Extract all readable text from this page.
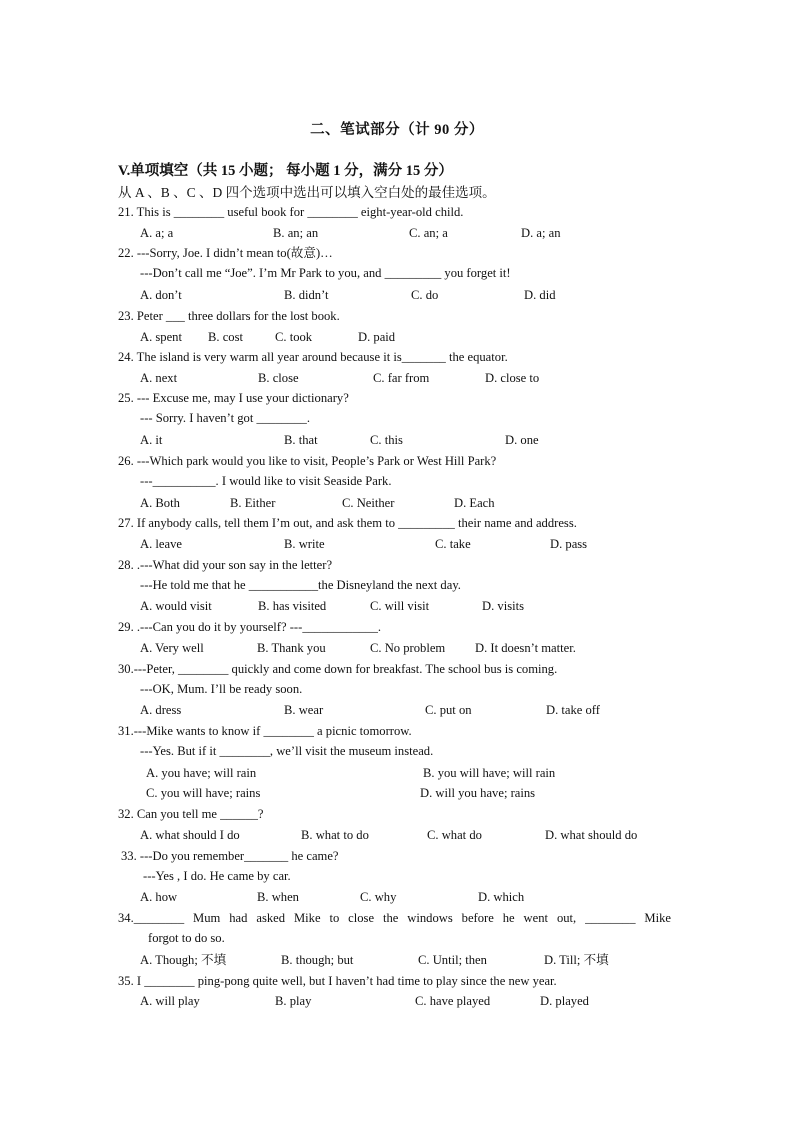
二、笔试部分（计 90 分）
V.单项填空（共 15 小题； 每小题 1 分，满分 15 分）
从 A 、B 、C 、D 四个选项中选出可以填入空白处的最佳选项。
21. This is ________ useful book for ________ eight-year-old child.
A. a; a	B. an; an	C. an; a	D. a; an
22. ---Sorry, Joe. I didn’t mean to(故意)…
---Don’t call me “Joe”. I’m Mr Park to you, and _________ you forget it!
A. don’t	B. didn’t	C. do	D. did
23. Peter ___ three dollars for the lost book.
A. spent B. cost	C. took	D. paid
24. The island is very warm all year around because it is_______ the equator.
A. next	B. close	C. far from	D. close to
25. --- Excuse me, may I use your dictionary?
--- Sorry. I haven’t got ________.
A. it	B. that	C. this	D. one
26. ---Which park would you like to visit, People’s Park or West Hill Park?
---__________. I would like to visit Seaside Park.
A. Both	B. Either	C. Neither	D. Each
27. If anybody calls, tell them I’m out, and ask them to _________ their name and address.
A. leave	B. write	C. take	D. pass
28. .---What did your son say in the letter?
---He told me that he ___________the Disneyland the next day.
A. would visit	B. has visited	C. will visit	D. visits
29. .---Can you do it by yourself? ---____________.
A. Very well	B. Thank you	C. No problem D. It doesn’t matter.
30.---Peter, ________ quickly and come down for breakfast. The school bus is coming.
---OK, Mum. I’ll be ready soon.
A. dress	B. wear	C. put on	D. take off
31.---Mike wants to know if ________ a picnic tomorrow.
---Yes. But if it ________, we’ll visit the museum instead.
A. you have; will rain	B. you will have; will rain
C. you will have; rains	D. will you have; rains
32. Can you tell me ______?
A. what should I do	B. what to do	C. what do	D. what should do
33. ---Do you remember_______ he came?
---Yes , I do. He came by car.
A. how	B. when	C. why	D. which
34.________ Mum had asked Mike to close the windows before he went out, ________ Mike
forgot to do so.
A. Though; 不填	B. though; but	C. Until; then	D. Till; 不填
35. I ________ ping-pong quite well, but I haven’t had time to play since the new year.
A. will play	B. play	C. have played	D. played
